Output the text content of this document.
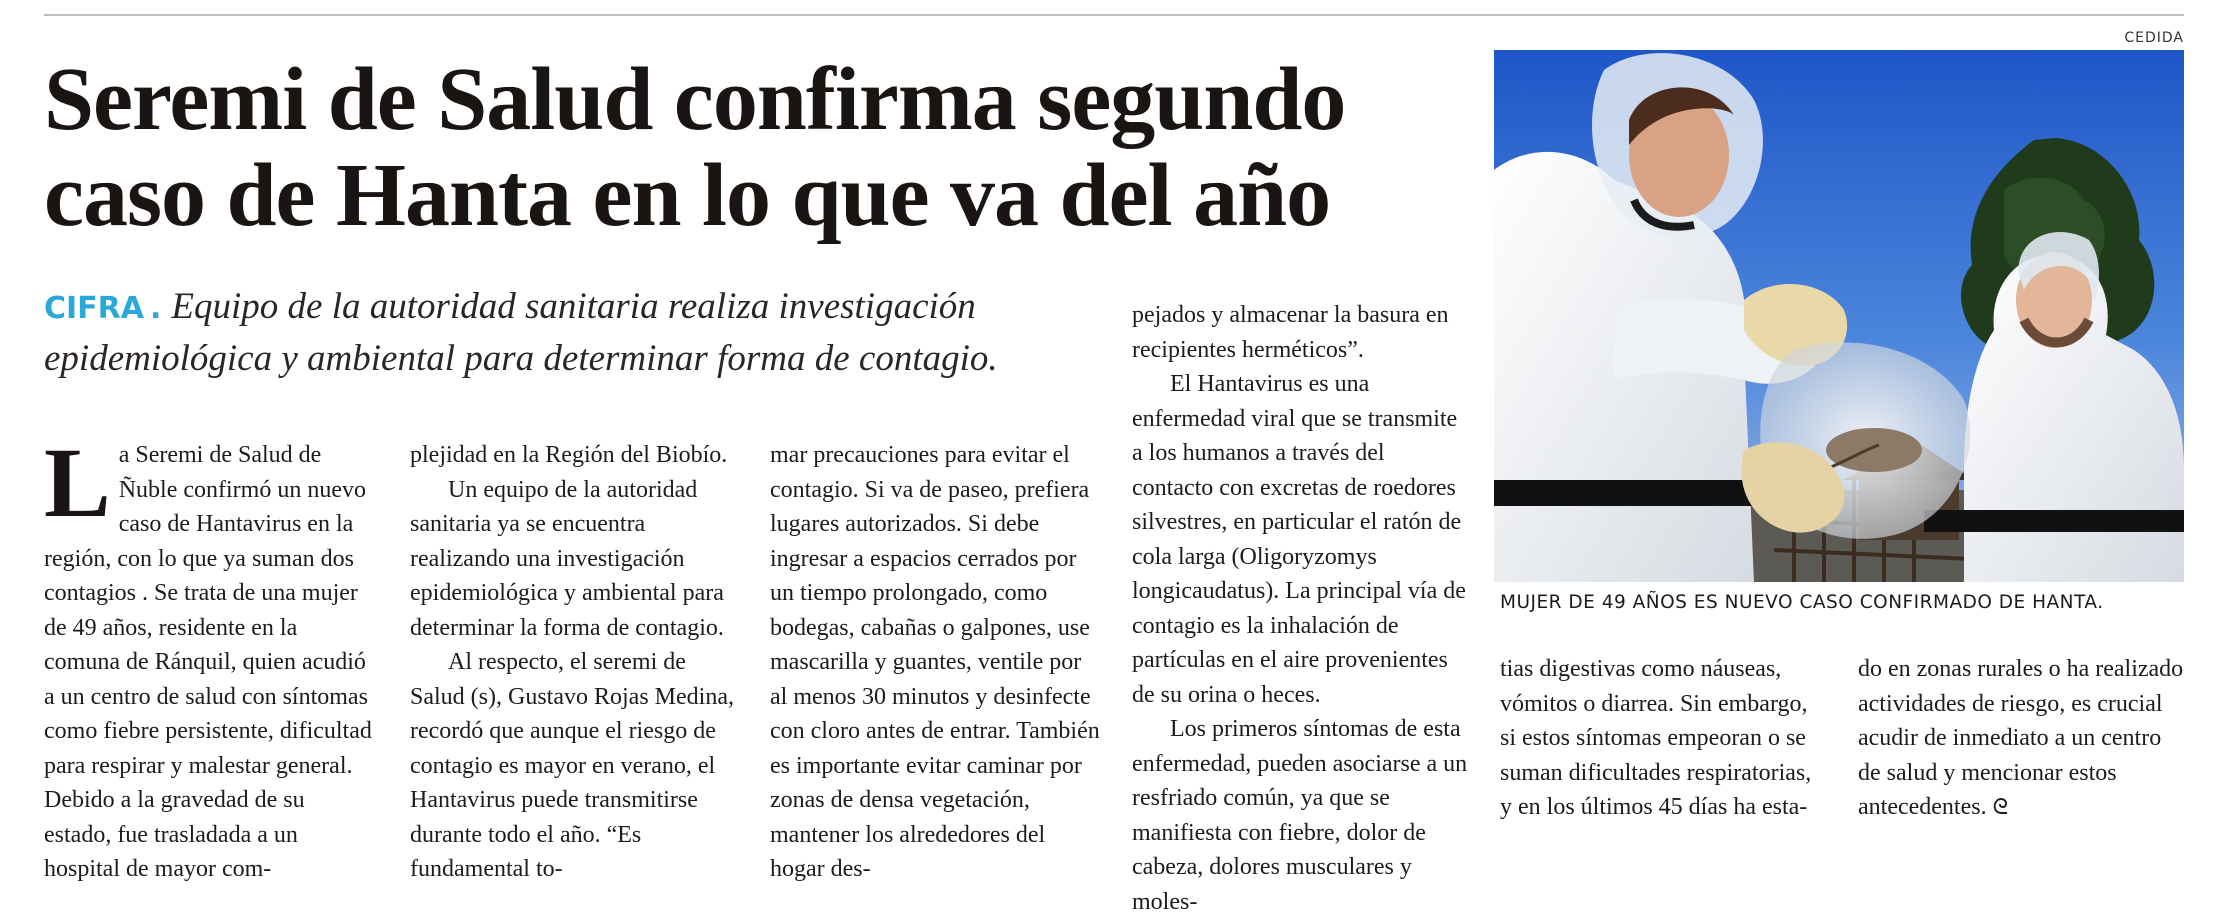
CEDIDA
Seremi de Salud confirma segundo
caso de Hanta en lo que va del año
CIFRA . Equipo de la autoridad sanitaria realiza investigación epidemiológica y ambiental para determinar forma de contagio.
L a Seremi de Salud de Ñuble confirmó un nuevo caso de Hantavirus en la región, con lo que ya suman dos contagios . Se trata de una mujer de 49 años, residente en la comuna de Ránquil, quien acudió a un centro de salud con síntomas como fiebre persistente, dificultad para respirar y malestar general. Debido a la gravedad de su estado, fue trasladada a un hospital de mayor com-

plejidad en la Región del Biobío.

Un equipo de la autoridad sanitaria ya se encuentra realizando una investigación epidemiológica y ambiental para determinar la forma de contagio.

Al respecto, el seremi de Salud (s), Gustavo Rojas Medina, recordó que aunque el riesgo de contagio es mayor en verano, el Hantavirus puede transmitirse durante todo el año. “Es fundamental to-

mar precauciones para evitar el contagio. Si va de paseo, prefiera lugares autorizados. Si debe ingresar a espacios cerrados por un tiempo prolongado, como bodegas, cabañas o galpones, use mascarilla y guantes, ventile por al menos 30 minutos y desinfecte con cloro antes de entrar. También es importante evitar caminar por zonas de densa vegetación, mantener los alrededores del hogar des-

pejados y almacenar la basura en recipientes herméticos”.

El Hantavirus es una enfermedad viral que se transmite a los humanos a través del contacto con excretas de roedores silvestres, en particular el ratón de cola larga (Oligoryzomys longicaudatus). La principal vía de contagio es la inhalación de partículas en el aire provenientes de su orina o heces.

Los primeros síntomas de esta enfermedad, pueden asociarse a un resfriado común, ya que se manifiesta con fiebre, dolor de cabeza, dolores musculares y moles-

tias digestivas como náuseas, vómitos o diarrea. Sin embargo, si estos síntomas empeoran o se suman dificultades respiratorias, y en los últimos 45 días ha esta-

do en zonas rurales o ha realizado actividades de riesgo, es crucial acudir de inmediato a un centro de salud y mencionar estos antecedentes. ᘓ

MUJER DE 49 AÑOS ES NUEVO CASO CONFIRMADO DE HANTA.
